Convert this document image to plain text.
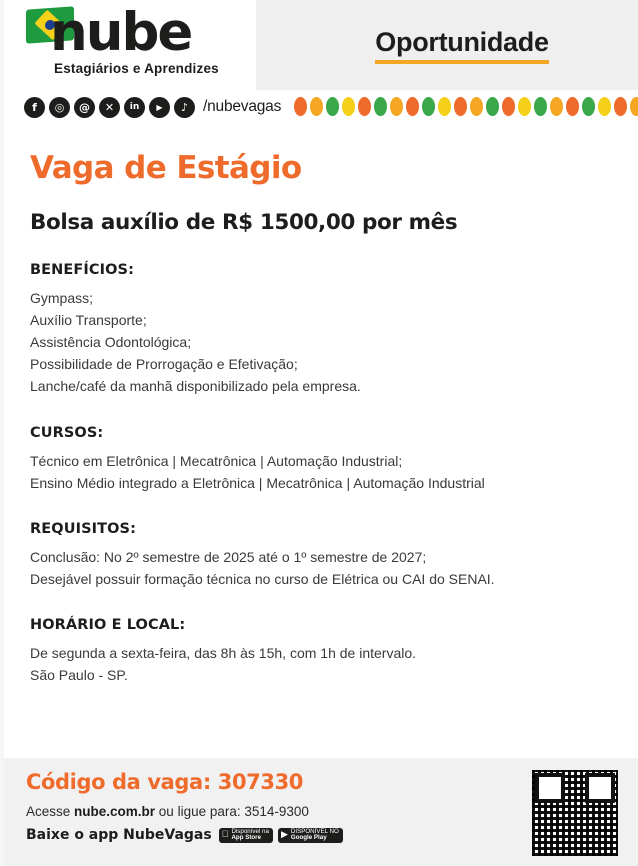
nube
Estagiários e Aprendizes
Oportunidade
f	◎	@	✕	in	▶	♪ /nubevagas
Vaga de Estágio
Bolsa auxílio de R$ 1500,00 por mês
BENEFÍCIOS:
Gympass;
Auxílio Transporte;
Assistência Odontológica;
Possibilidade de Prorrogação e Efetivação;
Lanche/café da manhã disponibilizado pela empresa.
CURSOS:
Técnico em Eletrônica | Mecatrônica | Automação Industrial;
Ensino Médio integrado a Eletrônica | Mecatrônica | Automação Industrial
REQUISITOS:
Conclusão: No 2º semestre de 2025 até o 1º semestre de 2027;
Desejável possuir formação técnica no curso de Elétrica ou CAI do SENAI.
HORÁRIO E LOCAL:
De segunda a sexta-feira, das 8h às 15h, com 1h de intervalo.
São Paulo - SP.
Código da vaga: 307330
Acesse nube.com.br ou ligue para: 3514-9300
Baixe o app NubeVagas Disponível na
App Store	▶ DISPONÍVEL NO
Google Play
